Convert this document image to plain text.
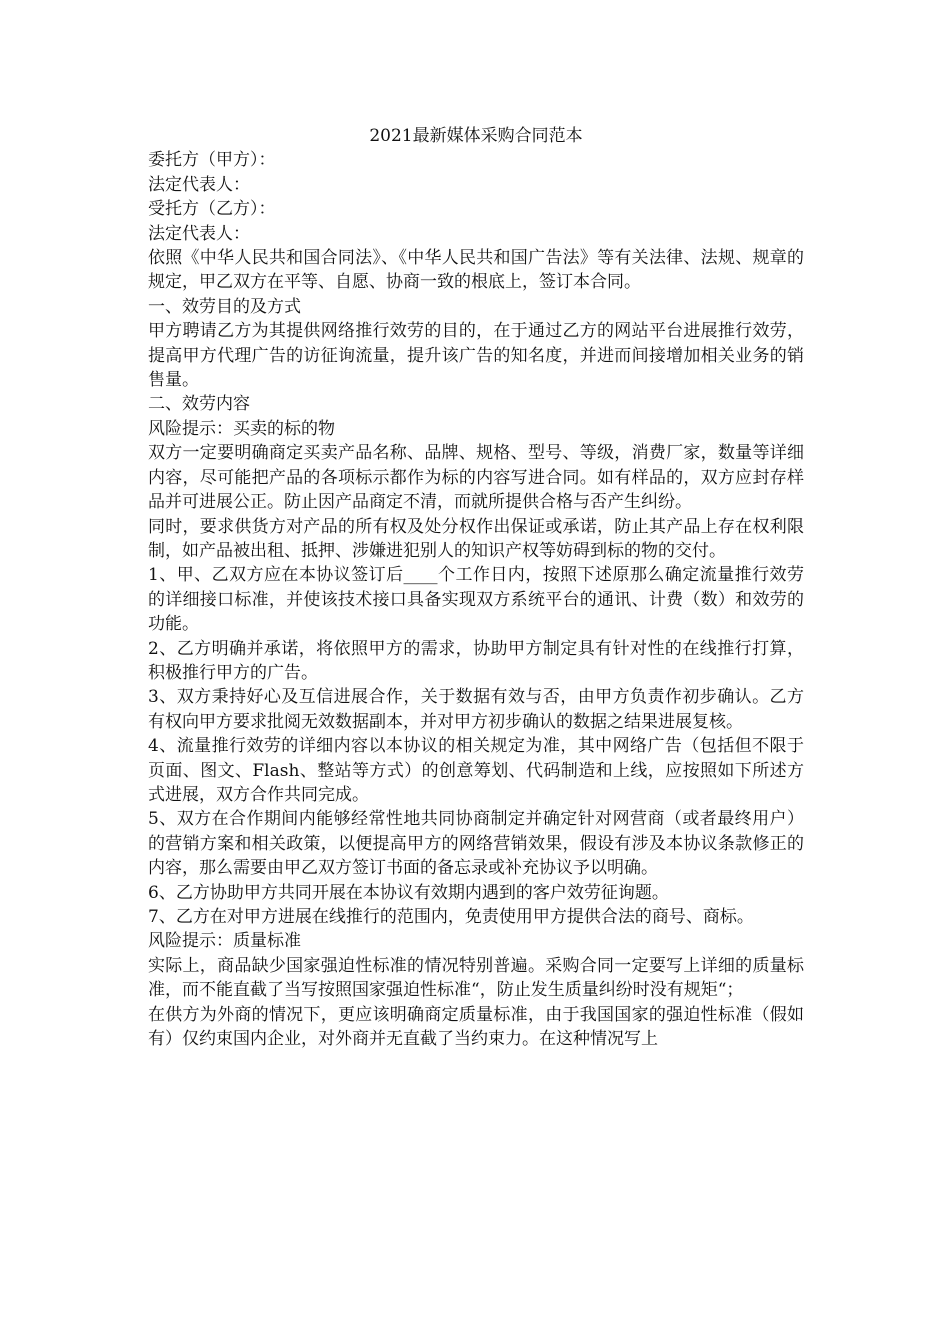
2021最新媒体采购合同范本
委托方（甲方）：
法定代表人：
受托方（乙方）：
法定代表人：
依照《中华人民共和国合同法》、《中华人民共和国广告法》等有关法律、法规、规章的规定，甲乙双方在平等、自愿、协商一致的根底上，签订本合同。
一、效劳目的及方式
甲方聘请乙方为其提供网络推行效劳的目的，在于通过乙方的网站平台进展推行效劳，提高甲方代理广告的访征询流量，提升该广告的知名度，并进而间接增加相关业务的销售量。
二、效劳内容
风险提示：买卖的标的物
双方一定要明确商定买卖产品名称、品牌、规格、型号、等级，消费厂家，数量等详细内容，尽可能把产品的各项标示都作为标的内容写进合同。如有样品的，双方应封存样品并可进展公正。防止因产品商定不清，而就所提供合格与否产生纠纷。
同时，要求供货方对产品的所有权及处分权作出保证或承诺，防止其产品上存在权利限制，如产品被出租、抵押、涉嫌进犯别人的知识产权等妨碍到标的物的交付。
1、甲、乙双方应在本协议签订后____个工作日内，按照下述原那么确定流量推行效劳的详细接口标准，并使该技术接口具备实现双方系统平台的通讯、计费（数）和效劳的功能。
2、乙方明确并承诺，将依照甲方的需求，协助甲方制定具有针对性的在线推行打算，积极推行甲方的广告。
3、双方秉持好心及互信进展合作，关于数据有效与否，由甲方负责作初步确认。乙方有权向甲方要求批阅无效数据副本，并对甲方初步确认的数据之结果进展复核。
4、流量推行效劳的详细内容以本协议的相关规定为准，其中网络广告（包括但不限于页面、图文、Flash、整站等方式）的创意筹划、代码制造和上线，应按照如下所述方式进展，双方合作共同完成。
5、双方在合作期间内能够经常性地共同协商制定并确定针对网营商（或者最终用户）的营销方案和相关政策，以便提高甲方的网络营销效果，假设有涉及本协议条款修正的内容，那么需要由甲乙双方签订书面的备忘录或补充协议予以明确。
6、乙方协助甲方共同开展在本协议有效期内遇到的客户效劳征询题。
7、乙方在对甲方进展在线推行的范围内，免责使用甲方提供合法的商号、商标。
风险提示：质量标准
实际上，商品缺少国家强迫性标准的情况特别普遍。采购合同一定要写上详细的质量标准，而不能直截了当写按照国家强迫性标准“，防止发生质量纠纷时没有规矩“；
在供方为外商的情况下，更应该明确商定质量标准，由于我国国家的强迫性标准（假如有）仅约束国内企业，对外商并无直截了当约束力。在这种情况写上
